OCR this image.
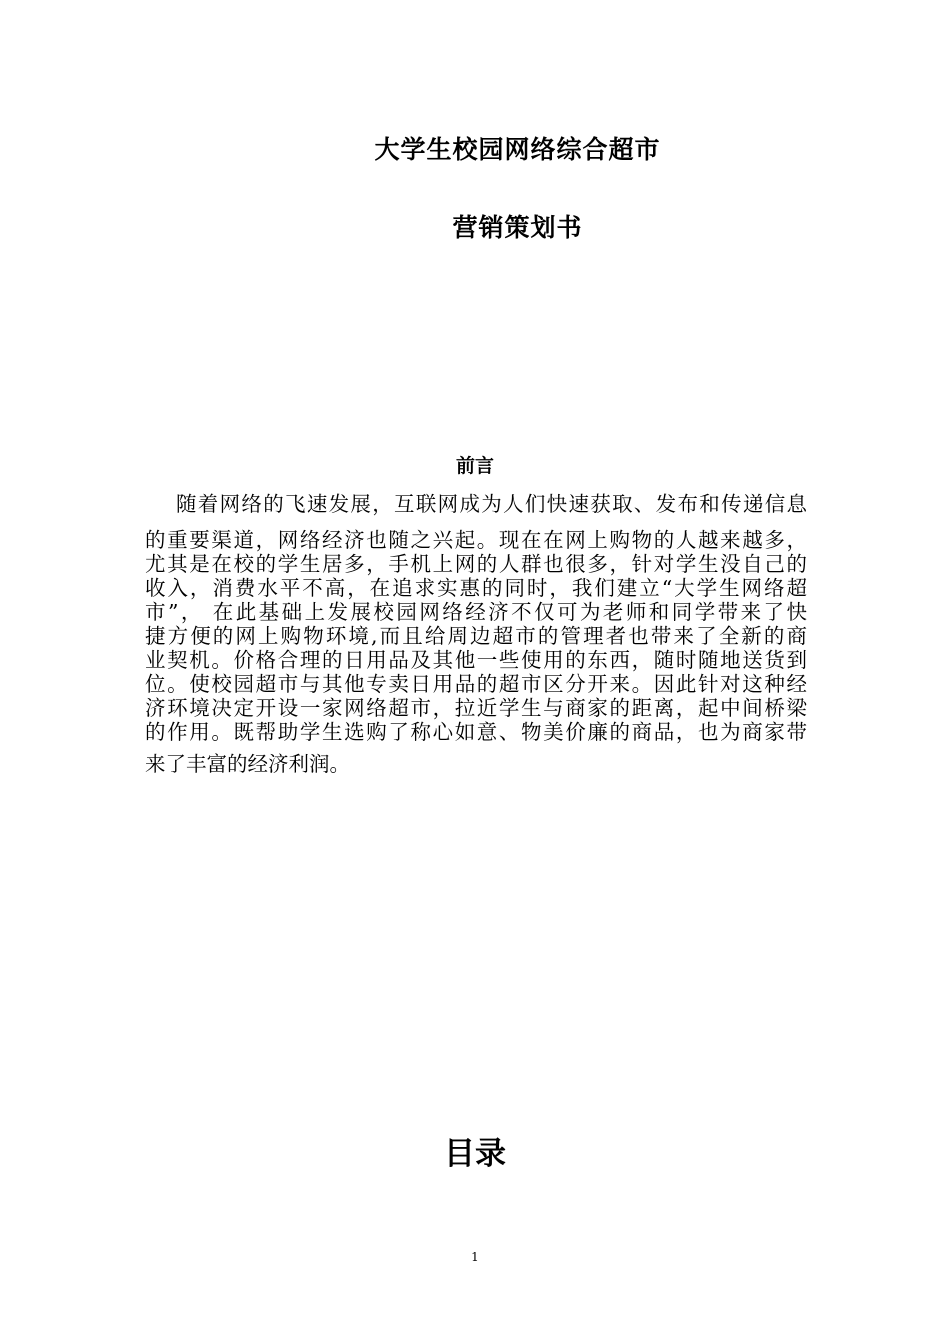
大学生校园网络综合超市
营销策划书
前言
随着网络的飞速发展，互联网成为人们快速获取、发布和传递信息
的重要渠道，网络经济也随之兴起。现在在网上购物的人越来越多，
尤其是在校的学生居多，手机上网的人群也很多，针对学生没自己的
收入，消费水平不高，在追求实惠的同时，我们建立“大学生网络超
市”， 在此基础上发展校园网络经济不仅可为老师和同学带来了快
捷方便的网上购物环境,而且给周边超市的管理者也带来了全新的商
业契机。价格合理的日用品及其他一些使用的东西，随时随地送货到
位。使校园超市与其他专卖日用品的超市区分开来。因此针对这种经
济环境决定开设一家网络超市，拉近学生与商家的距离，起中间桥梁
的作用。既帮助学生选购了称心如意、物美价廉的商品，也为商家带
来了丰富的经济利润。
目录
1
